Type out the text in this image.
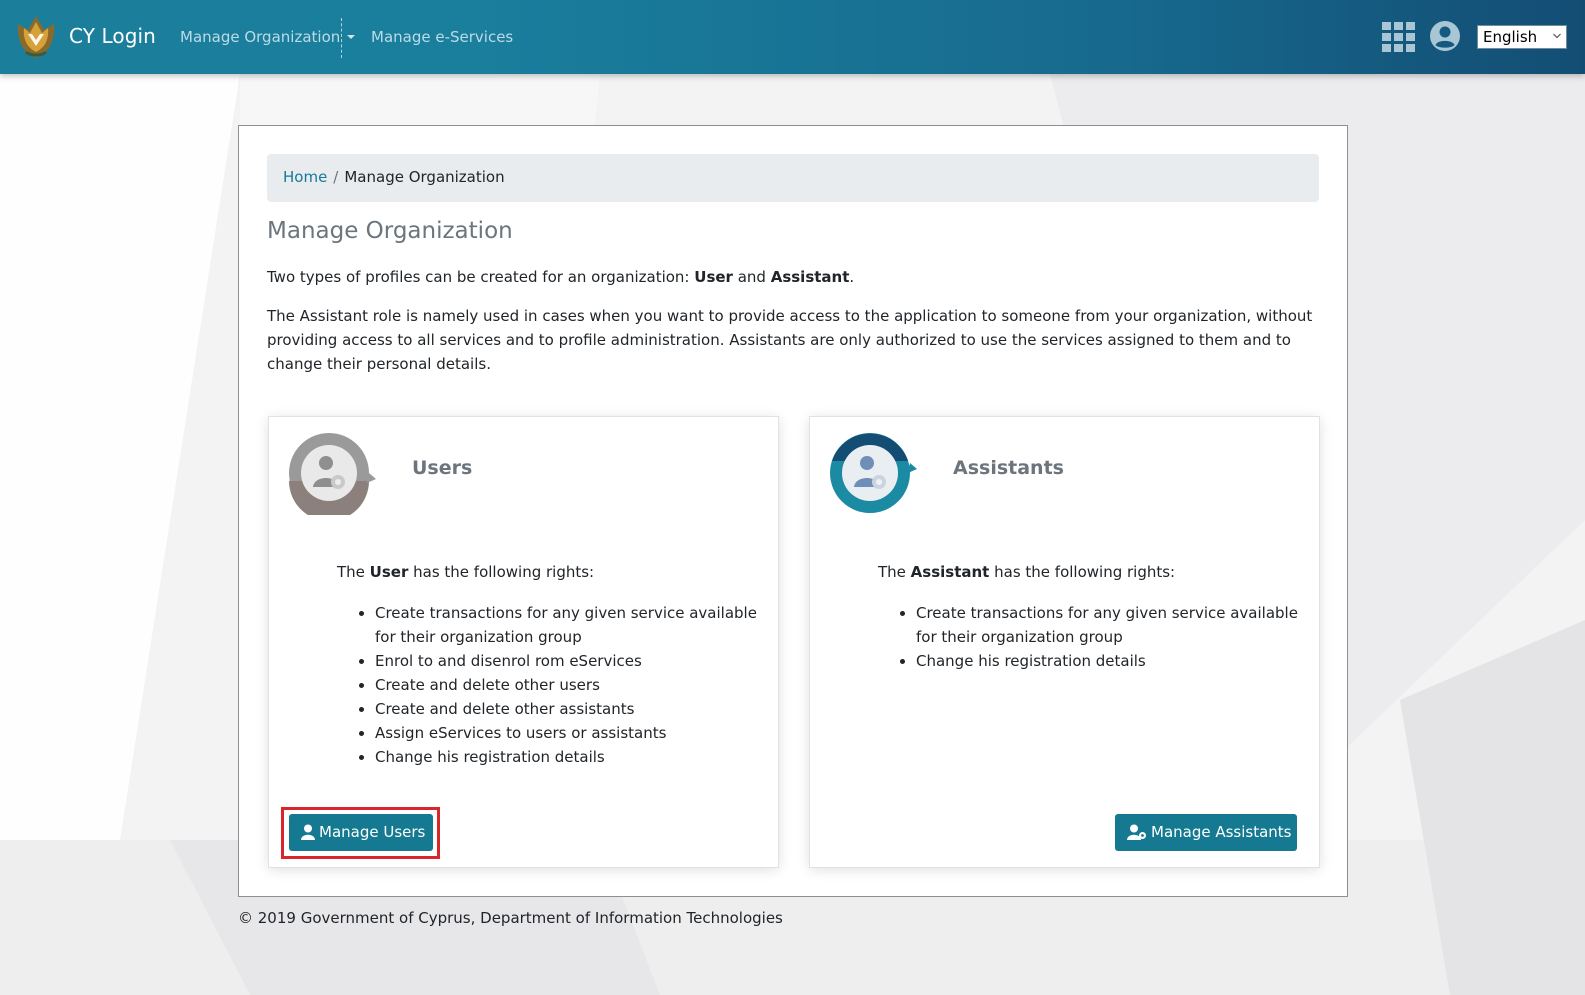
CY Login Manage Organization Manage e-Services	English
Home / Manage Organization
Manage Organization

Two types of profiles can be created for an organization: User and Assistant.

The Assistant role is namely used in cases when you want to provide access to the application to someone from your organization, without providing access to all services and to profile administration. Assistants are only authorized to use the services assigned to them and to change their personal details.

Users

The User has the following rights:

• Create transactions for any given service available for their organization group
• Enrol to and disenrol rom eServices
• Create and delete other users
• Create and delete other assistants
• Assign eServices to users or assistants
• Change his registration details
Manage Users
Assistants

The Assistant has the following rights:

• Create transactions for any given service available for their organization group
• Change his registration details
Manage Assistants
© 2019 Government of Cyprus, Department of Information Technologies
